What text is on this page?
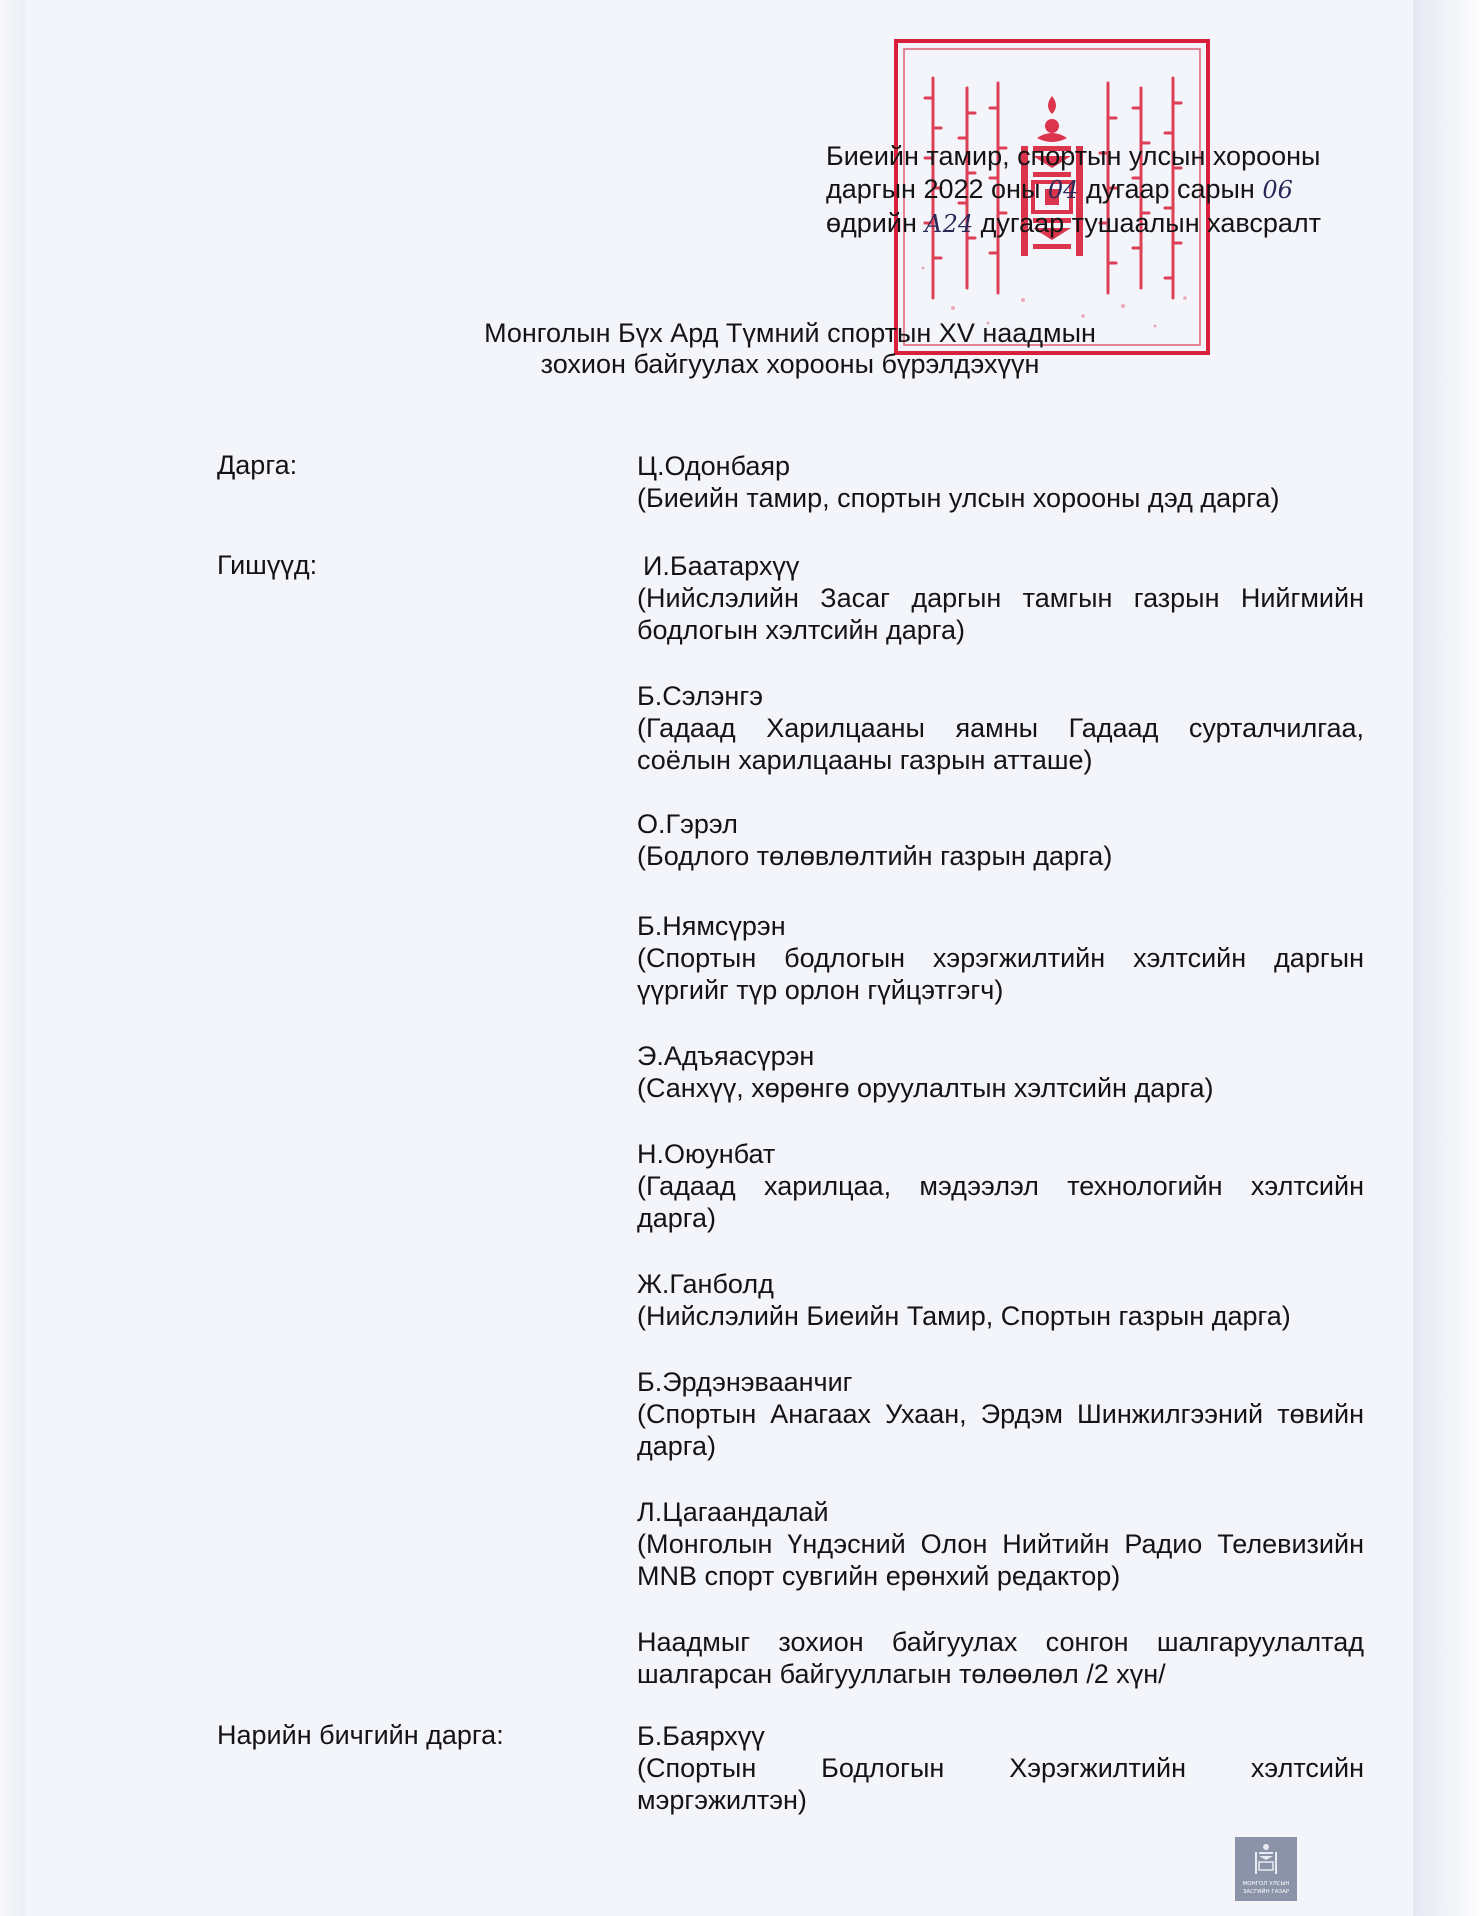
Биеийн тамир, спортын улсын хорооны
даргын 2022 оны 04 дугаар сарын 06
өдрийн А24 дугаар тушаалын хавсралт
Монголын Бүх Ард Түмний спортын XV наадмын
зохион байгуулах хорооны бүрэлдэхүүн
Дарга:	Ц.Одонбаяр
(Биеийн тамир, спортын улсын хорооны дэд дарга)
Гишүүд:	И.Баатархүү
(Нийслэлийн Засаг даргын тамгын газрын Нийгмийн бодлогын хэлтсийн дарга)
Б.Сэлэнгэ
(Гадаад Харилцааны яамны Гадаад сурталчилгаа, соёлын харилцааны газрын атташе)
О.Гэрэл
(Бодлого төлөвлөлтийн газрын дарга)
Б.Нямсүрэн
(Спортын бодлогын хэрэгжилтийн хэлтсийн даргын үүргийг түр орлон гүйцэтгэгч)
Э.Адъяасүрэн
(Санхүү, хөрөнгө оруулалтын хэлтсийн дарга)
Н.Оюунбат
(Гадаад харилцаа, мэдээлэл технологийн хэлтсийн дарга)
Ж.Ганболд
(Нийслэлийн Биеийн Тамир, Спортын газрын дарга)
Б.Эрдэнэваанчиг
(Спортын Анагаах Ухаан, Эрдэм Шинжилгээний төвийн дарга)
Л.Цагаандалай
(Монголын Үндэсний Олон Нийтийн Радио Телевизийн MNB спорт сувгийн ерөнхий редактор)
Наадмыг зохион байгуулах сонгон шалгаруулалтад шалгарсан байгууллагын төлөөлөл /2 хүн/
Нарийн бичгийн дарга:	Б.Баярхүү
(Спортын Бодлогын Хэрэгжилтийн хэлтсийн мэргэжилтэн)
МОНГОЛ УЛСЫН
ЗАСГИЙН ГАЗАР
